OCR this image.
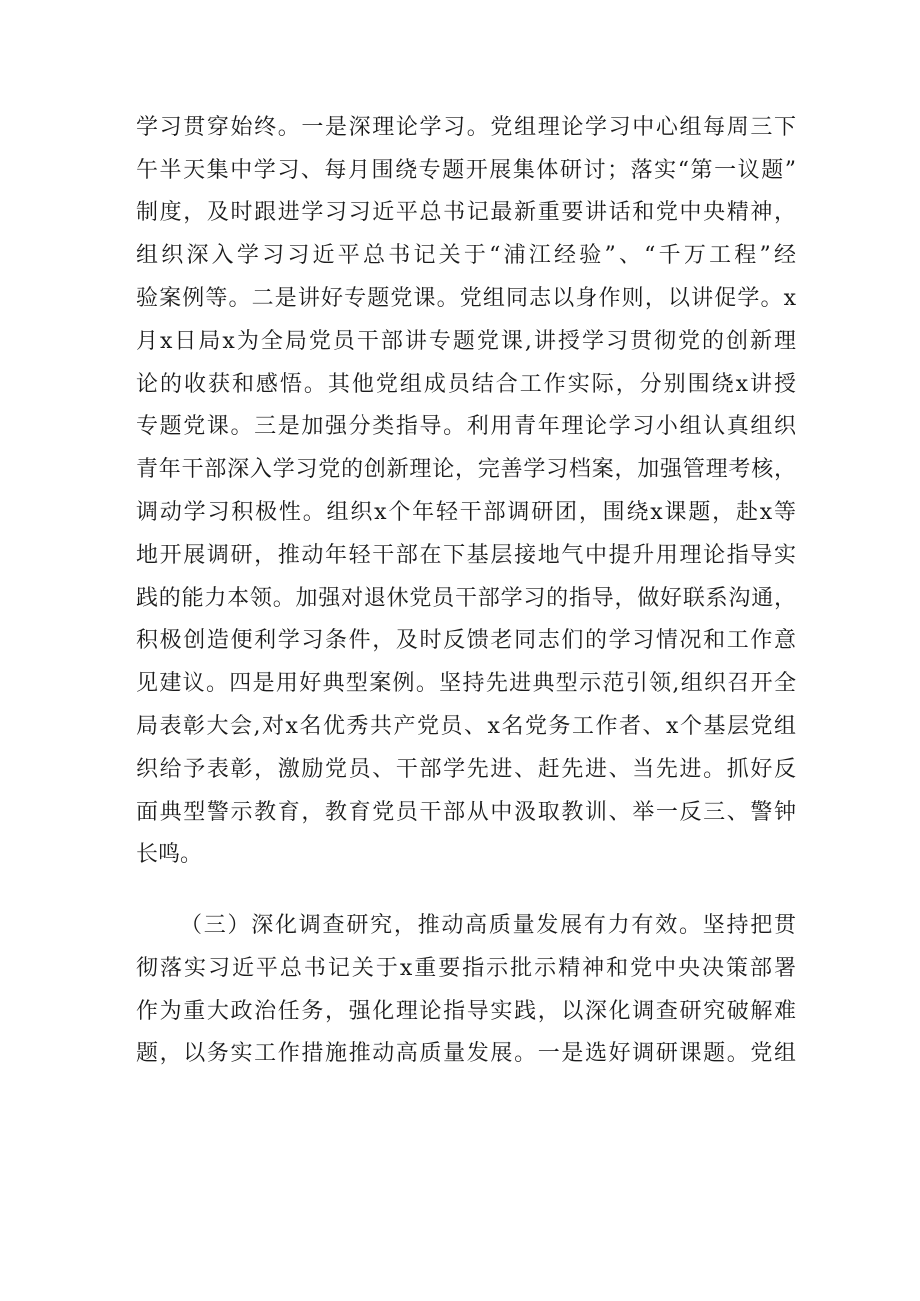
学习贯穿始终。一是深理论学习。党组理论学习中心组每周三下
午半天集中学习、每月围绕专题开展集体研讨；落实“第一议题”
制度，及时跟进学习习近平总书记最新重要讲话和党中央精神，
组织深入学习习近平总书记关于“浦江经验”、“千万工程”经
验案例等。二是讲好专题党课。党组同志以身作则，以讲促学。x
月x日局x为全局党员干部讲专题党课,讲授学习贯彻党的创新理
论的收获和感悟。其他党组成员结合工作实际，分别围绕x讲授
专题党课。三是加强分类指导。利用青年理论学习小组认真组织
青年干部深入学习党的创新理论，完善学习档案，加强管理考核，
调动学习积极性。组织x个年轻干部调研团，围绕x课题，赴x等
地开展调研，推动年轻干部在下基层接地气中提升用理论指导实
践的能力本领。加强对退休党员干部学习的指导，做好联系沟通，
积极创造便利学习条件，及时反馈老同志们的学习情况和工作意
见建议。四是用好典型案例。坚持先进典型示范引领,组织召开全
局表彰大会,对x名优秀共产党员、x名党务工作者、x个基层党组
织给予表彰，激励党员、干部学先进、赶先进、当先进。抓好反
面典型警示教育，教育党员干部从中汲取教训、举一反三、警钟
长鸣。
（三）深化调查研究，推动高质量发展有力有效。坚持把贯
彻落实习近平总书记关于x重要指示批示精神和党中央决策部署
作为重大政治任务，强化理论指导实践，以深化调查研究破解难
题，以务实工作措施推动高质量发展。一是选好调研课题。党组
